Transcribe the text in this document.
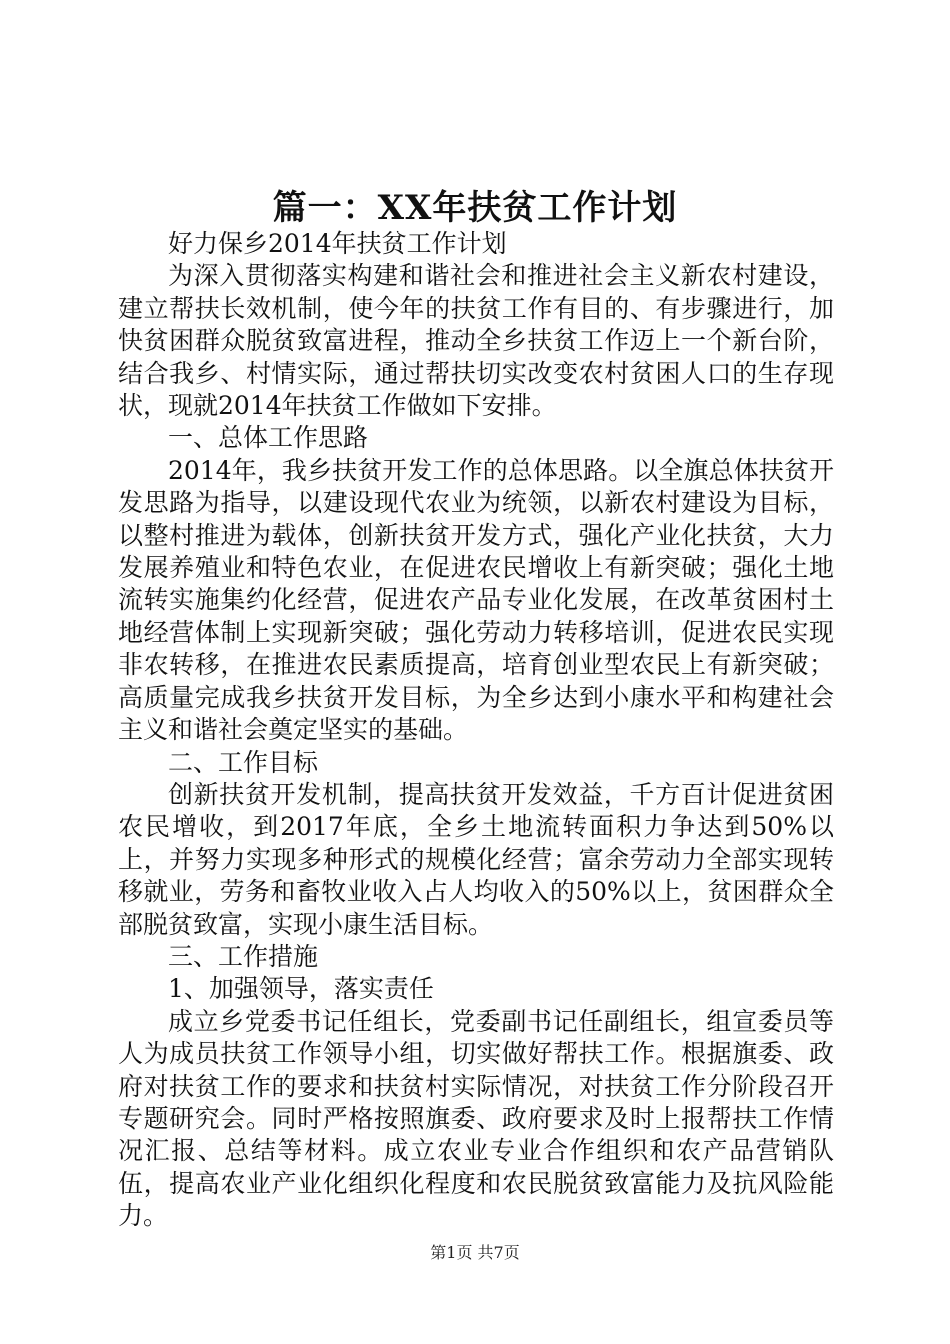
篇一：XX年扶贫工作计划

好力保乡2014年扶贫工作计划

为深入贯彻落实构建和谐社会和推进社会主义新农村建设，建立帮扶长效机制，使今年的扶贫工作有目的、有步骤进行，加快贫困群众脱贫致富进程，推动全乡扶贫工作迈上一个新台阶，结合我乡、村情实际，通过帮扶切实改变农村贫困人口的生存现状，现就2014年扶贫工作做如下安排。

一、总体工作思路

2014年，我乡扶贫开发工作的总体思路。以全旗总体扶贫开发思路为指导，以建设现代农业为统领，以新农村建设为目标，以整村推进为载体，创新扶贫开发方式，强化产业化扶贫，大力发展养殖业和特色农业，在促进农民增收上有新突破；强化土地流转实施集约化经营，促进农产品专业化发展，在改革贫困村土地经营体制上实现新突破；强化劳动力转移培训，促进农民实现非农转移，在推进农民素质提高，培育创业型农民上有新突破；高质量完成我乡扶贫开发目标，为全乡达到小康水平和构建社会主义和谐社会奠定坚实的基础。

二、工作目标

创新扶贫开发机制，提高扶贫开发效益，千方百计促进贫困农民增收，到2017年底，全乡土地流转面积力争达到50%以上，并努力实现多种形式的规模化经营；富余劳动力全部实现转移就业，劳务和畜牧业收入占人均收入的50%以上，贫困群众全部脱贫致富，实现小康生活目标。

三、工作措施

1、加强领导，落实责任

成立乡党委书记任组长，党委副书记任副组长，组宣委员等人为成员扶贫工作领导小组，切实做好帮扶工作。根据旗委、政府对扶贫工作的要求和扶贫村实际情况，对扶贫工作分阶段召开专题研究会。同时严格按照旗委、政府要求及时上报帮扶工作情况汇报、总结等材料。成立农业专业合作组织和农产品营销队伍，提高农业产业化组织化程度和农民脱贫致富能力及抗风险能力。

第1页 共7页
